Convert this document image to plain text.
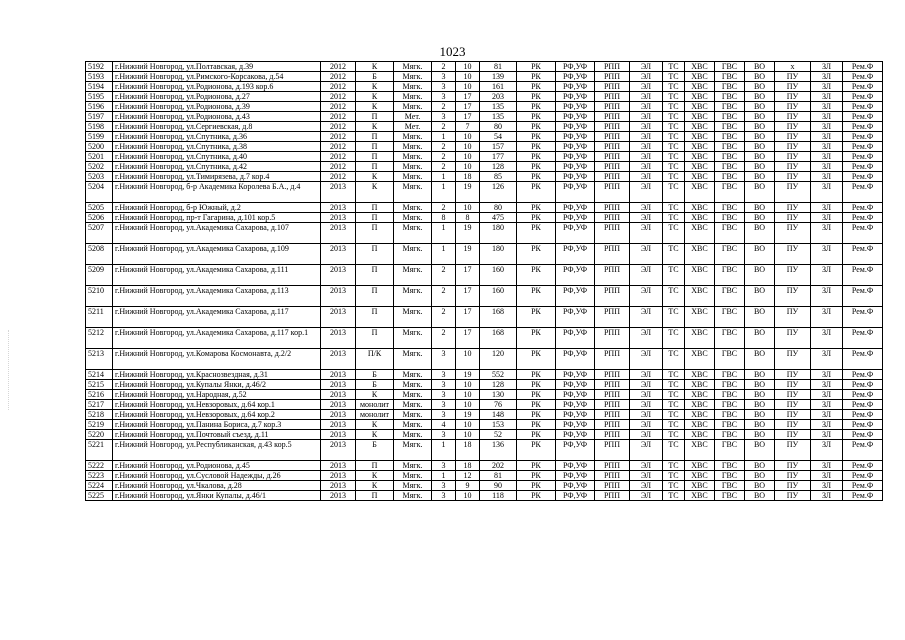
1023
5192	г.Нижний Новгород, ул.Полтавская, д.39	2012	К	Мягк.	2	10	81	РК	РФ,УФ	РПП	ЭЛ	ТС	ХВС	ГВС	ВО	х	ЗЛ	Рем.Ф
5193	г.Нижний Новгород, ул.Римского-Корсакова, д.54	2012	Б	Мягк.	3	10	139	РК	РФ,УФ	РПП	ЭЛ	ТС	ХВС	ГВС	ВО	ПУ	ЗЛ	Рем.Ф
5194	г.Нижний Новгород, ул.Родионова, д.193 кор.6	2012	К	Мягк.	3	10	161	РК	РФ,УФ	РПП	ЭЛ	ТС	ХВС	ГВС	ВО	ПУ	ЗЛ	Рем.Ф
5195	г.Нижний Новгород, ул.Родионова, д.27	2012	К	Мягк.	3	17	203	РК	РФ,УФ	РПП	ЭЛ	ТС	ХВС	ГВС	ВО	ПУ	ЗЛ	Рем.Ф
5196	г.Нижний Новгород, ул.Родионова, д.39	2012	К	Мягк.	2	17	135	РК	РФ,УФ	РПП	ЭЛ	ТС	ХВС	ГВС	ВО	ПУ	ЗЛ	Рем.Ф
5197	г.Нижний Новгород, ул.Родионова, д.43	2012	П	Мет.	3	17	135	РК	РФ,УФ	РПП	ЭЛ	ТС	ХВС	ГВС	ВО	ПУ	ЗЛ	Рем.Ф
5198	г.Нижний Новгород, ул.Сергиевская, д.8	2012	К	Мет.	2	7	80	РК	РФ,УФ	РПП	ЭЛ	ТС	ХВС	ГВС	ВО	ПУ	ЗЛ	Рем.Ф
5199	г.Нижний Новгород, ул.Спутника, д.36	2012	П	Мягк.	1	10	54	РК	РФ,УФ	РПП	ЭЛ	ТС	ХВС	ГВС	ВО	ПУ	ЗЛ	Рем.Ф
5200	г.Нижний Новгород, ул.Спутника, д.38	2012	П	Мягк.	2	10	157	РК	РФ,УФ	РПП	ЭЛ	ТС	ХВС	ГВС	ВО	ПУ	ЗЛ	Рем.Ф
5201	г.Нижний Новгород, ул.Спутника, д.40	2012	П	Мягк.	2	10	177	РК	РФ,УФ	РПП	ЭЛ	ТС	ХВС	ГВС	ВО	ПУ	ЗЛ	Рем.Ф
5202	г.Нижний Новгород, ул.Спутника, д.42	2012	П	Мягк.	2	10	128	РК	РФ,УФ	РПП	ЭЛ	ТС	ХВС	ГВС	ВО	ПУ	ЗЛ	Рем.Ф
5203	г.Нижний Новгород, ул.Тимирязева, д.7 кор.4	2012	К	Мягк.	1	18	85	РК	РФ,УФ	РПП	ЭЛ	ТС	ХВС	ГВС	ВО	ПУ	ЗЛ	Рем.Ф
5204	г.Нижний Новгород, б-р Академика Королева Б.А., д.4	2013	К	Мягк.	1	19	126	РК	РФ,УФ	РПП	ЭЛ	ТС	ХВС	ГВС	ВО	ПУ	ЗЛ	Рем.Ф
5205	г.Нижний Новгород, б-р Южный, д.2	2013	П	Мягк.	2	10	80	РК	РФ,УФ	РПП	ЭЛ	ТС	ХВС	ГВС	ВО	ПУ	ЗЛ	Рем.Ф
5206	г.Нижний Новгород, пр-т Гагарина, д.101 кор.5	2013	П	Мягк.	8	8	475	РК	РФ,УФ	РПП	ЭЛ	ТС	ХВС	ГВС	ВО	ПУ	ЗЛ	Рем.Ф
5207	г.Нижний Новгород, ул.Академика Сахарова, д.107	2013	П	Мягк.	1	19	180	РК	РФ,УФ	РПП	ЭЛ	ТС	ХВС	ГВС	ВО	ПУ	ЗЛ	Рем.Ф
5208	г.Нижний Новгород, ул.Академика Сахарова, д.109	2013	П	Мягк.	1	19	180	РК	РФ,УФ	РПП	ЭЛ	ТС	ХВС	ГВС	ВО	ПУ	ЗЛ	Рем.Ф
5209	г.Нижний Новгород, ул.Академика Сахарова, д.111	2013	П	Мягк.	2	17	160	РК	РФ,УФ	РПП	ЭЛ	ТС	ХВС	ГВС	ВО	ПУ	ЗЛ	Рем.Ф
5210	г.Нижний Новгород, ул.Академика Сахарова, д.113	2013	П	Мягк.	2	17	160	РК	РФ,УФ	РПП	ЭЛ	ТС	ХВС	ГВС	ВО	ПУ	ЗЛ	Рем.Ф
5211	г.Нижний Новгород, ул.Академика Сахарова, д.117	2013	П	Мягк.	2	17	168	РК	РФ,УФ	РПП	ЭЛ	ТС	ХВС	ГВС	ВО	ПУ	ЗЛ	Рем.Ф
5212	г.Нижний Новгород, ул.Академика Сахарова, д.117 кор.1	2013	П	Мягк.	2	17	168	РК	РФ,УФ	РПП	ЭЛ	ТС	ХВС	ГВС	ВО	ПУ	ЗЛ	Рем.Ф
5213	г.Нижний Новгород, ул.Комарова Космонавта, д.2/2	2013	П/К	Мягк.	3	10	120	РК	РФ,УФ	РПП	ЭЛ	ТС	ХВС	ГВС	ВО	ПУ	ЗЛ	Рем.Ф
5214	г.Нижний Новгород, ул.Краснозвездная, д.31	2013	Б	Мягк.	3	19	552	РК	РФ,УФ	РПП	ЭЛ	ТС	ХВС	ГВС	ВО	ПУ	ЗЛ	Рем.Ф
5215	г.Нижний Новгород, ул.Купалы Янки, д.46/2	2013	Б	Мягк.	3	10	128	РК	РФ,УФ	РПП	ЭЛ	ТС	ХВС	ГВС	ВО	ПУ	ЗЛ	Рем.Ф
5216	г.Нижний Новгород, ул.Народная, д.52	2013	К	Мягк.	3	10	130	РК	РФ,УФ	РПП	ЭЛ	ТС	ХВС	ГВС	ВО	ПУ	ЗЛ	Рем.Ф
5217	г.Нижний Новгород, ул.Невзоровых, д.64 кор.1	2013	монолит	Мягк.	3	10	76	РК	РФ,УФ	РПП	ЭЛ	ТС	ХВС	ГВС	ВО	ПУ	ЗЛ	Рем.Ф
5218	г.Нижний Новгород, ул.Невзоровых, д.64 кор.2	2013	монолит	Мягк.	3	19	148	РК	РФ,УФ	РПП	ЭЛ	ТС	ХВС	ГВС	ВО	ПУ	ЗЛ	Рем.Ф
5219	г.Нижний Новгород, ул.Панина Бориса, д.7 кор.3	2013	К	Мягк.	4	10	153	РК	РФ,УФ	РПП	ЭЛ	ТС	ХВС	ГВС	ВО	ПУ	ЗЛ	Рем.Ф
5220	г.Нижний Новгород, ул.Почтовый съезд, д.11	2013	К	Мягк.	3	10	52	РК	РФ,УФ	РПП	ЭЛ	ТС	ХВС	ГВС	ВО	ПУ	ЗЛ	Рем.Ф
5221	г.Нижний Новгород, ул.Республиканская, д.43 кор.5	2013	Б	Мягк.	1	18	136	РК	РФ,УФ	РПП	ЭЛ	ТС	ХВС	ГВС	ВО	ПУ	ЗЛ	Рем.Ф
5222	г.Нижний Новгород, ул.Родионова, д.45	2013	П	Мягк.	3	18	202	РК	РФ,УФ	РПП	ЭЛ	ТС	ХВС	ГВС	ВО	ПУ	ЗЛ	Рем.Ф
5223	г.Нижний Новгород, ул.Сусловой Надежды, д.26	2013	К	Мягк.	1	12	81	РК	РФ,УФ	РПП	ЭЛ	ТС	ХВС	ГВС	ВО	ПУ	ЗЛ	Рем.Ф
5224	г.Нижний Новгород, ул.Чкалова, д.28	2013	К	Мягк.	3	9	90	РК	РФ,УФ	РПП	ЭЛ	ТС	ХВС	ГВС	ВО	ПУ	ЗЛ	Рем.Ф
5225	г.Нижний Новгород, ул.Янки Купалы, д.46/1	2013	П	Мягк.	3	10	118	РК	РФ,УФ	РПП	ЭЛ	ТС	ХВС	ГВС	ВО	ПУ	ЗЛ	Рем.Ф
